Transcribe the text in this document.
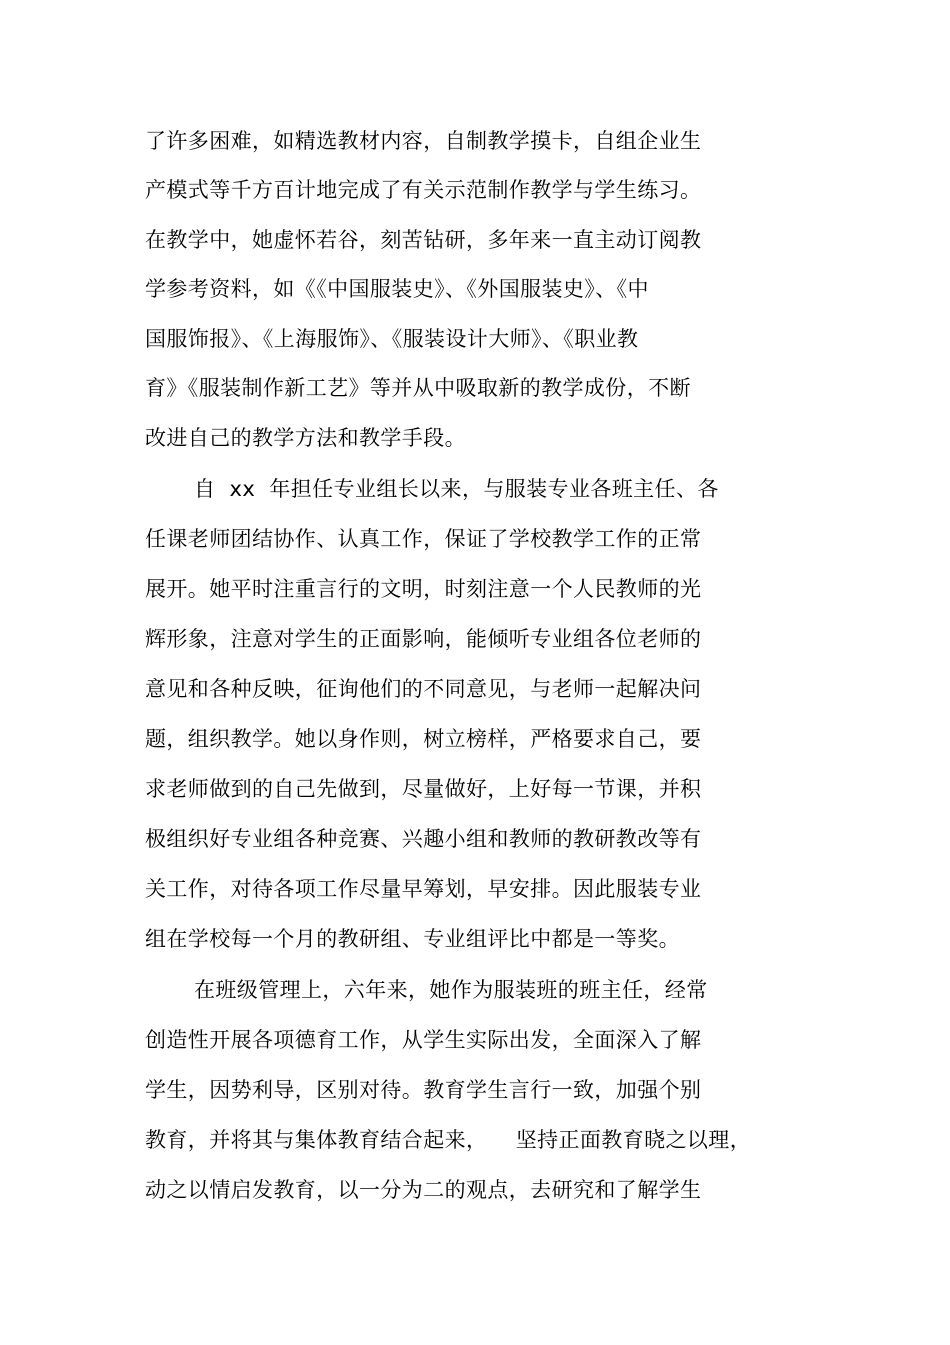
了许多困难，如精选教材内容，自制教学摸卡，自组企业生

产模式等千方百计地完成了有关示范制作教学与学生练习。

在教学中，她虚怀若谷，刻苦钻研，多年来一直主动订阅教

学参考资料，如《《中国服装史》、《外国服装史》、《中

国服饰报》、《上海服饰》、《服装设计大师》、《职业教

育》《服装制作新工艺》等并从中吸取新的教学成份，不断

改进自己的教学方法和教学手段。

自  xx  年担任专业组长以来，与服装专业各班主任、各

任课老师团结协作、认真工作，保证了学校教学工作的正常

展开。她平时注重言行的文明，时刻注意一个人民教师的光

辉形象，注意对学生的正面影响，能倾听专业组各位老师的

意见和各种反映，征询他们的不同意见，与老师一起解决问

题，组织教学。她以身作则，树立榜样，严格要求自己，要

求老师做到的自己先做到，尽量做好，上好每一节课，并积

极组织好专业组各种竞赛、兴趣小组和教师的教研教改等有

关工作，对待各项工作尽量早筹划，早安排。因此服装专业

组在学校每一个月的教研组、专业组评比中都是一等奖。

在班级管理上，六年来，她作为服装班的班主任，经常

创造性开展各项德育工作，从学生实际出发，全面深入了解

学生，因势利导，区别对待。教育学生言行一致，加强个别

教育，并将其与集体教育结合起来，    坚持正面教育晓之以理，

动之以情启发教育，以一分为二的观点，去研究和了解学生
